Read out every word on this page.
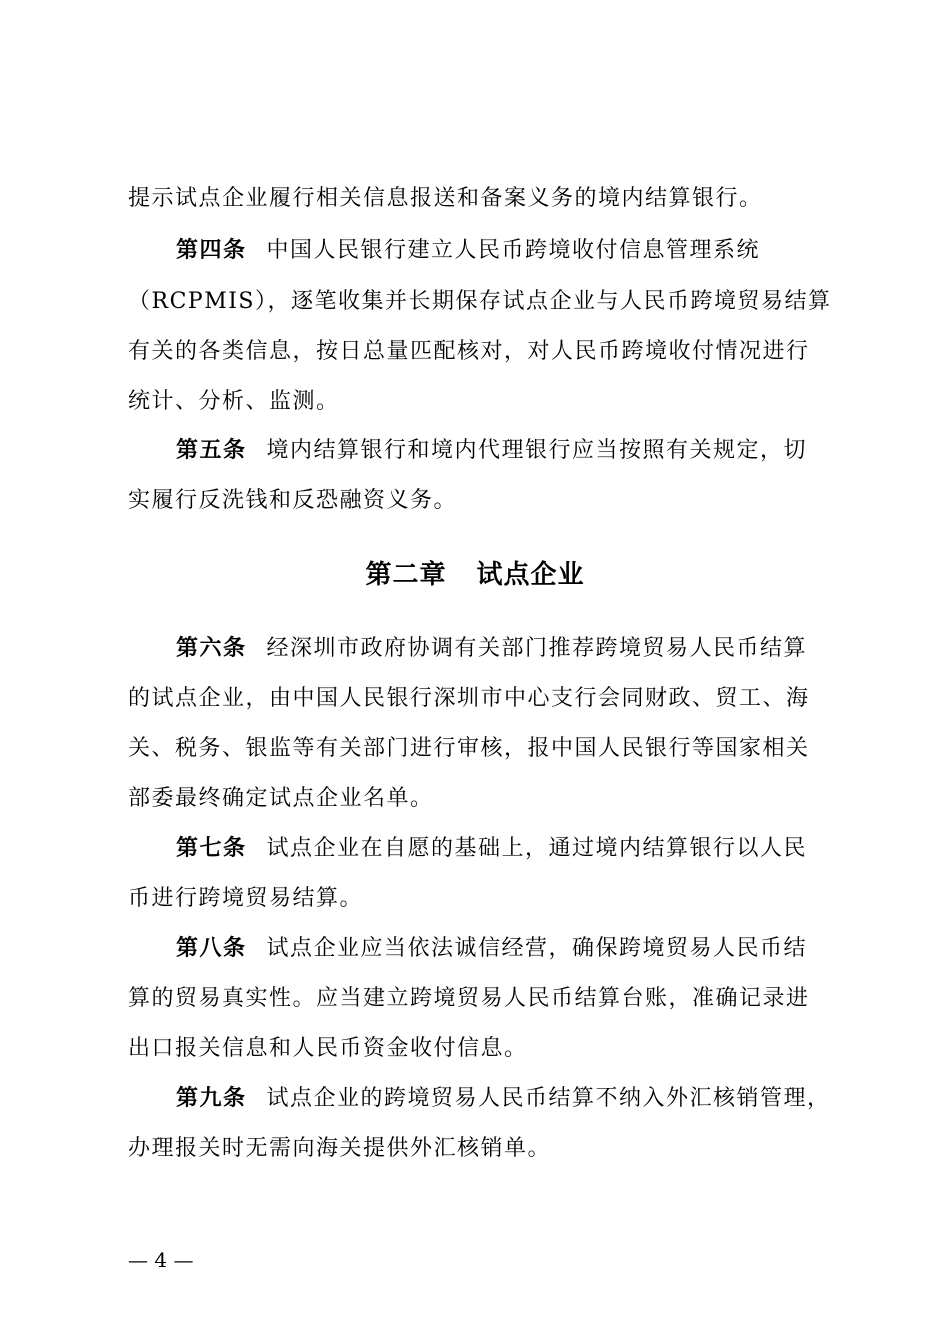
提示试点企业履行相关信息报送和备案义务的境内结算银行。
第四条 中国人民银行建立人民币跨境收付信息管理系统
（RCPMIS），逐笔收集并长期保存试点企业与人民币跨境贸易结算
有关的各类信息，按日总量匹配核对，对人民币跨境收付情况进行
统计、分析、监测。
第五条 境内结算银行和境内代理银行应当按照有关规定，切
实履行反洗钱和反恐融资义务。
第二章 试点企业
第六条 经深圳市政府协调有关部门推荐跨境贸易人民币结算
的试点企业，由中国人民银行深圳市中心支行会同财政、贸工、海
关、税务、银监等有关部门进行审核，报中国人民银行等国家相关
部委最终确定试点企业名单。
第七条 试点企业在自愿的基础上，通过境内结算银行以人民
币进行跨境贸易结算。
第八条 试点企业应当依法诚信经营，确保跨境贸易人民币结
算的贸易真实性。应当建立跨境贸易人民币结算台账，准确记录进
出口报关信息和人民币资金收付信息。
第九条 试点企业的跨境贸易人民币结算不纳入外汇核销管理，
办理报关时无需向海关提供外汇核销单。
— 4 —
